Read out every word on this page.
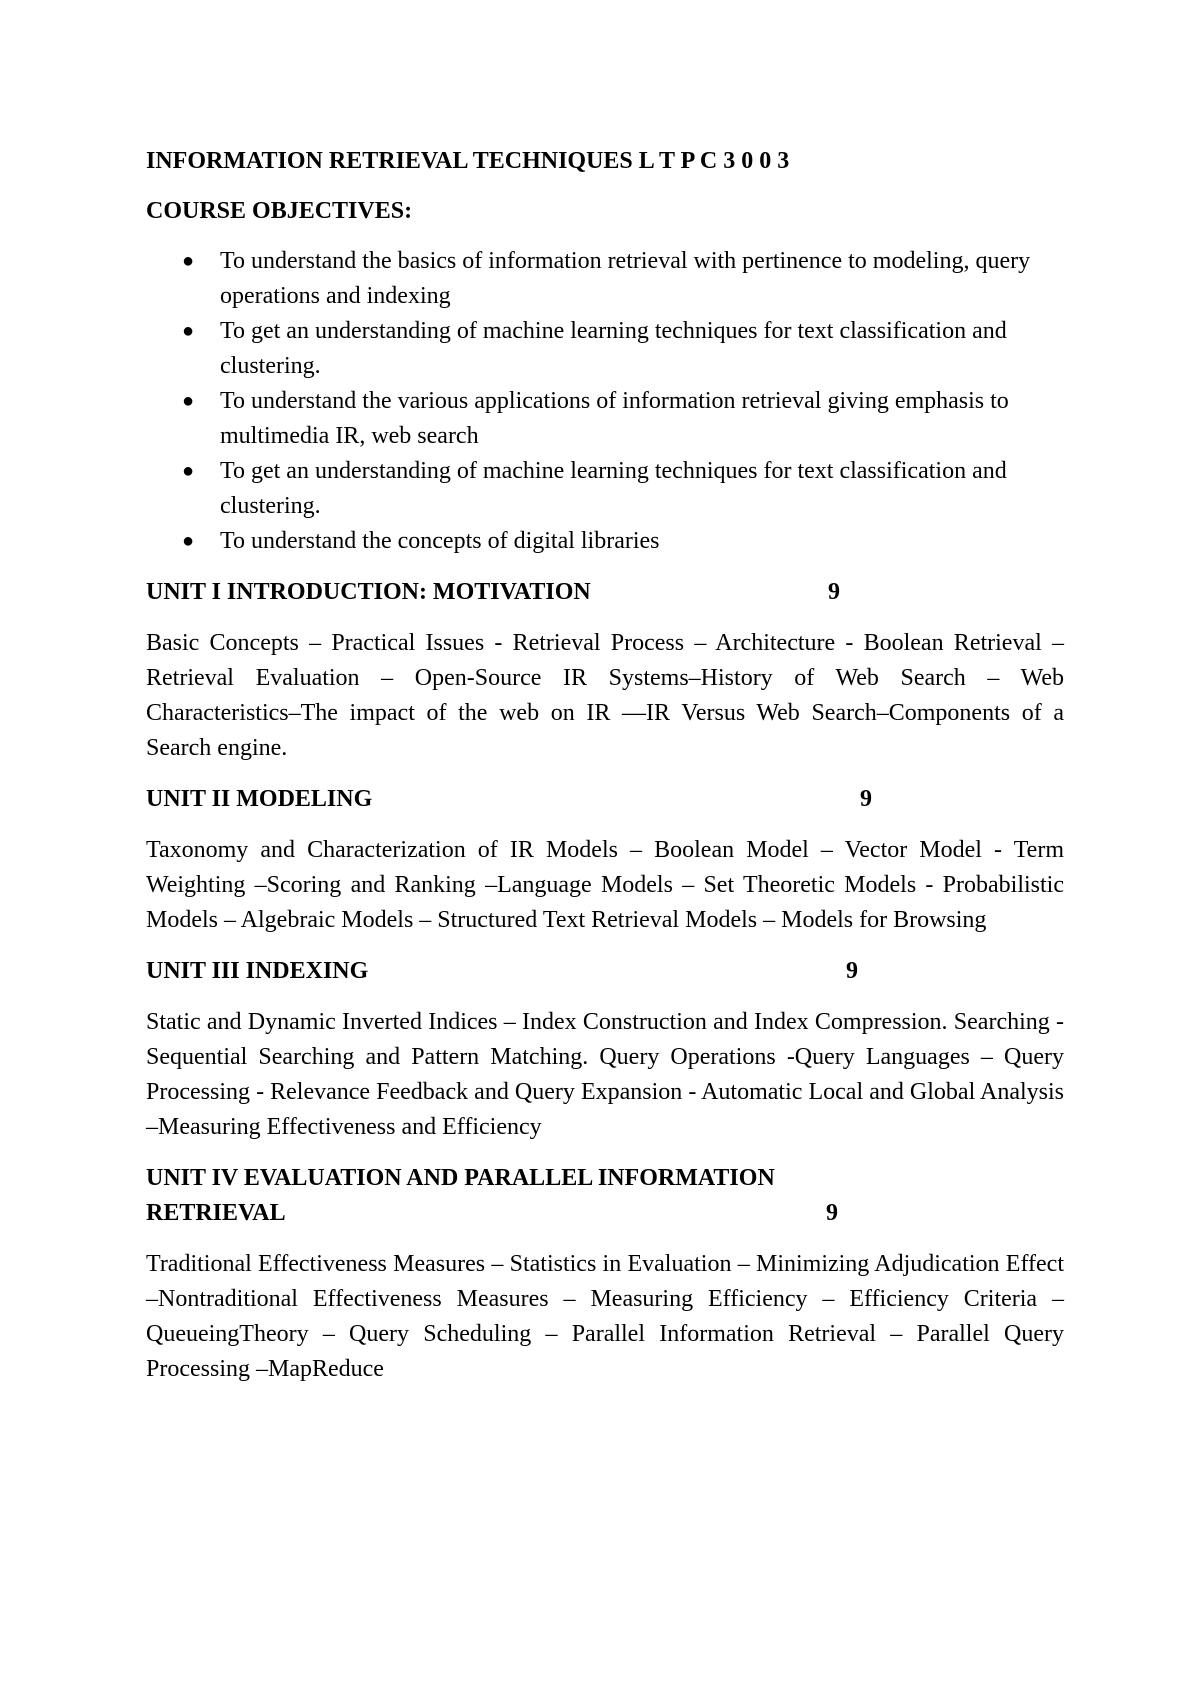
INFORMATION RETRIEVAL TECHNIQUES L T P C 3 0 0 3

COURSE OBJECTIVES:

● To understand the basics of information retrieval with pertinence to modeling, query operations and indexing
● To get an understanding of machine learning techniques for text classification and clustering.
● To understand the various applications of information retrieval giving emphasis to multimedia IR, web search
● To get an understanding of machine learning techniques for text classification and clustering.
● To understand the concepts of digital libraries
UNIT I INTRODUCTION: MOTIVATION	9

Basic Concepts – Practical Issues - Retrieval Process – Architecture - Boolean Retrieval –Retrieval Evaluation – Open-Source IR Systems–History of Web Search – Web Characteristics–The impact of the web on IR —IR Versus Web Search–Components of a Search engine.

UNIT II MODELING	9

Taxonomy and Characterization of IR Models – Boolean Model – Vector Model - Term Weighting –Scoring and Ranking –Language Models – Set Theoretic Models - Probabilistic Models – Algebraic Models – Structured Text Retrieval Models – Models for Browsing

UNIT III INDEXING	9

Static and Dynamic Inverted Indices – Index Construction and Index Compression. Searching -Sequential Searching and Pattern Matching. Query Operations -Query Languages – Query Processing - Relevance Feedback and Query Expansion - Automatic Local and Global Analysis –Measuring Effectiveness and Efficiency

UNIT IV EVALUATION AND PARALLEL INFORMATION RETRIEVAL	9

Traditional Effectiveness Measures – Statistics in Evaluation – Minimizing Adjudication Effect –Nontraditional Effectiveness Measures – Measuring Efficiency – Efficiency Criteria –QueueingTheory – Query Scheduling – Parallel Information Retrieval – Parallel Query Processing –MapReduce
